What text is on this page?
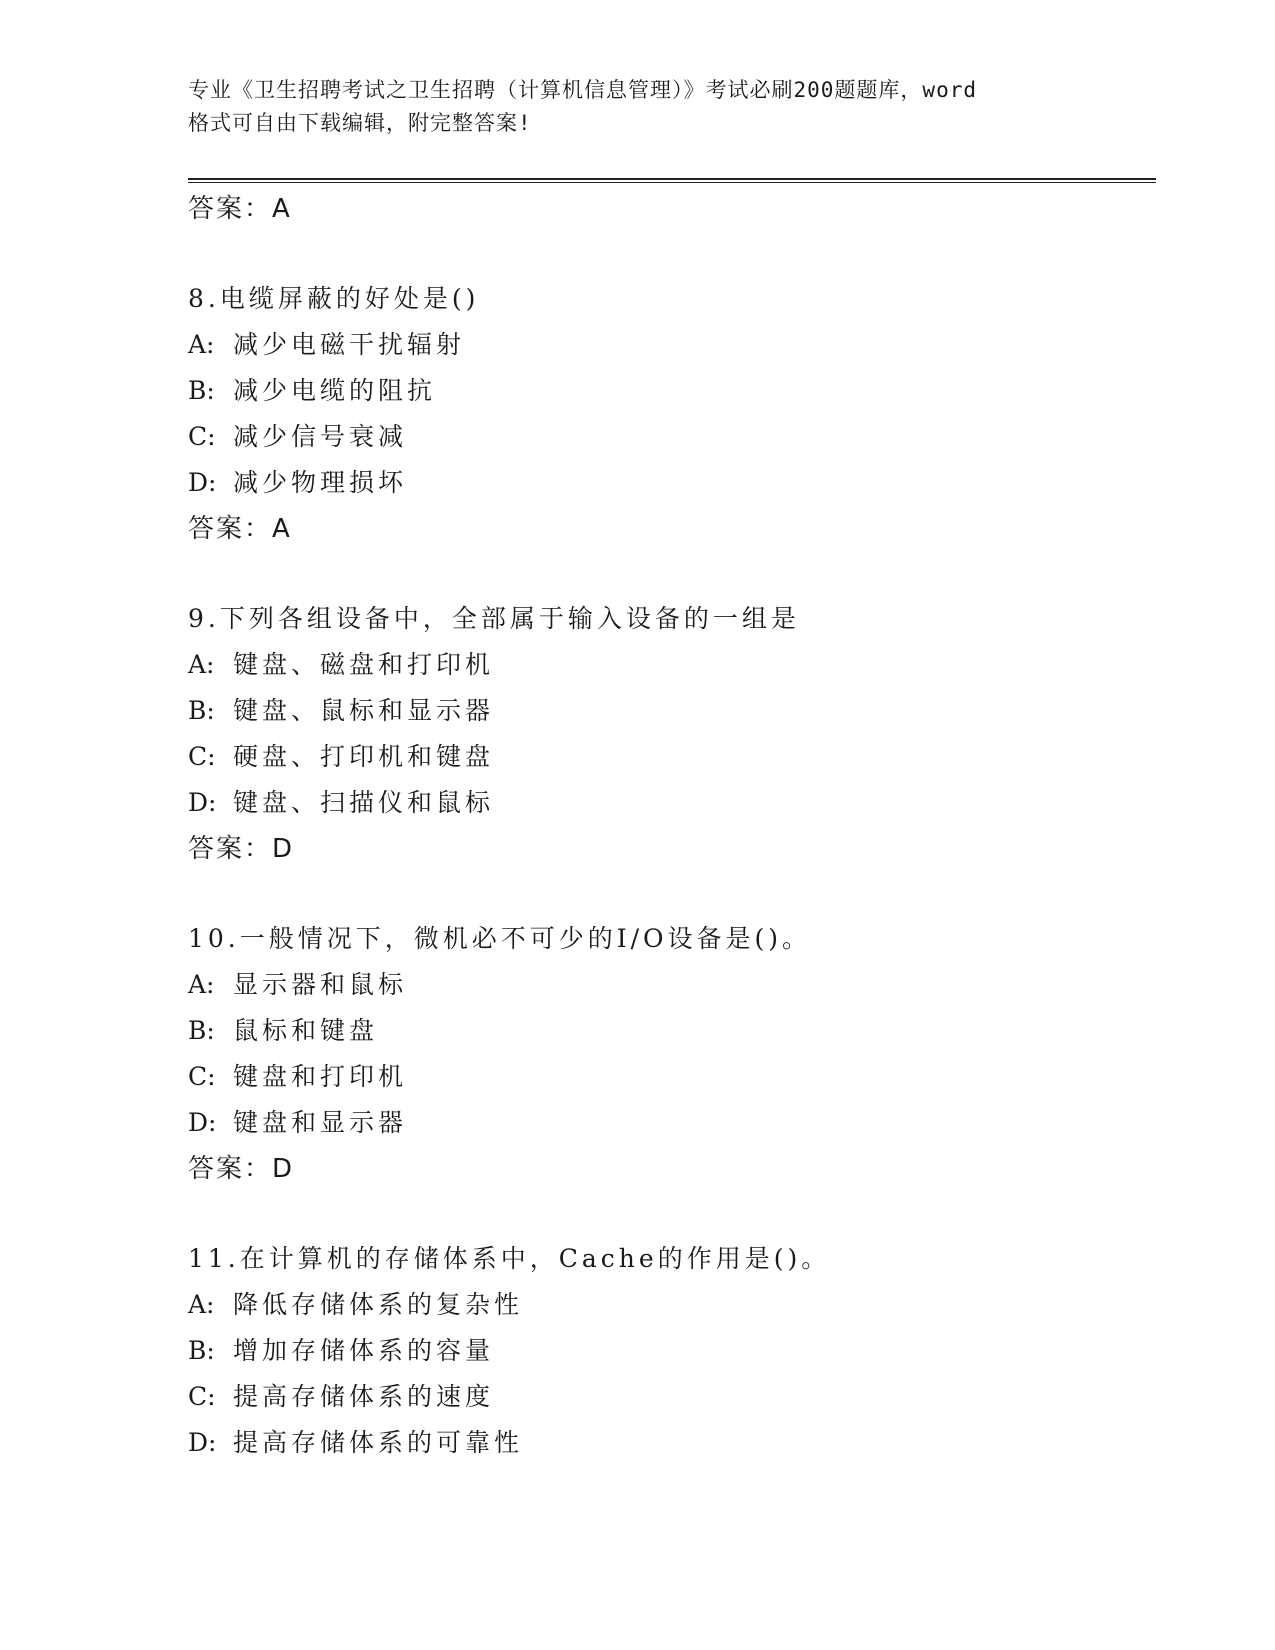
专业《卫生招聘考试之卫生招聘（计算机信息管理）》考试必刷200题题库，word
格式可自由下载编辑，附完整答案!
答案：A
8.电缆屏蔽的好处是()
A: 减少电磁干扰辐射
B: 减少电缆的阻抗
C: 减少信号衰减
D: 减少物理损坏
答案：A
9.下列各组设备中，全部属于输入设备的一组是
A: 键盘、磁盘和打印机
B: 键盘、鼠标和显示器
C: 硬盘、打印机和键盘
D: 键盘、扫描仪和鼠标
答案：D
10.一般情况下，微机必不可少的I/O设备是()。
A: 显示器和鼠标
B: 鼠标和键盘
C: 键盘和打印机
D: 键盘和显示器
答案：D
11.在计算机的存储体系中，Cache的作用是()。
A: 降低存储体系的复杂性
B: 增加存储体系的容量
C: 提高存储体系的速度
D: 提高存储体系的可靠性
